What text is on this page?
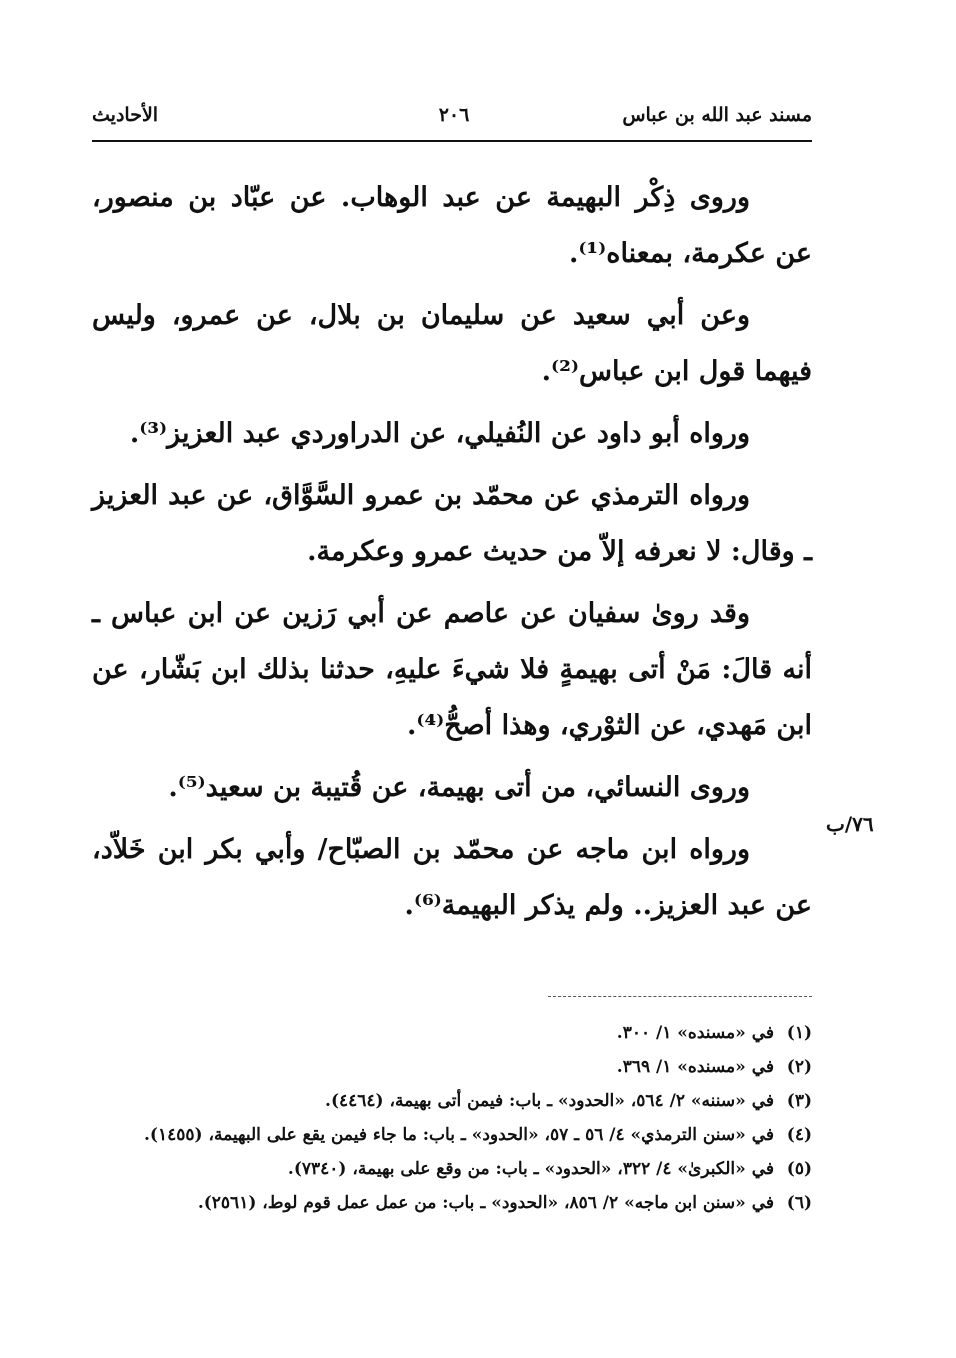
مسند عبد الله بن عباس
٢٠٦
الأحاديث

وروى ذِكْر البهيمة عن عبد الوهاب. عن عبّاد بن منصور، عن عكرمة، بمعناه⁽¹⁾.

وعن أبي سعيد عن سليمان بن بلال، عن عمرو، وليس فيهما قول ابن عباس⁽²⁾.

ورواه أبو داود عن النُفيلي، عن الدراوردي عبد العزيز⁽³⁾.

ورواه الترمذي عن محمّد بن عمرو السَّوَّاق، عن عبد العزيز ـ وقال: لا نعرفه إلاّ من حديث عمرو وعكرمة.

وقد روىٰ سفيان عن عاصم عن أبي رَزين عن ابن عباس ـ أنه قالَ: مَنْ أتى بهيمةٍ فلا شيءَ عليهِ، حدثنا بذلك ابن بَشّار، عن ابن مَهدي، عن الثوْري، وهذا أصحُّ⁽⁴⁾.

وروى النسائي، من أتى بهيمة، عن قُتيبة بن سعيد⁽⁵⁾.

ورواه ابن ماجه عن محمّد بن الصبّاح/ وأبي بكر ابن خَلاّد، عن عبد العزيز.. ولم يذكر البهيمة⁽⁶⁾.

٧٦/ب
(١)
في «مسنده» ١/ ٣٠٠.
(٢)
في «مسنده» ١/ ٣٦٩.
(٣)
في «سننه» ٢/ ٥٦٤، «الحدود» ـ باب: فيمن أتى بهيمة، (٤٤٦٤).
(٤)
في «سنن الترمذي» ٤/ ٥٦ ـ ٥٧، «الحدود» ـ باب: ما جاء فيمن يقع على البهيمة، (١٤٥٥).
(٥)
في «الكبرىٰ» ٤/ ٣٢٢، «الحدود» ـ باب: من وقع على بهيمة، (٧٣٤٠).
(٦)
في «سنن ابن ماجه» ٢/ ٨٥٦، «الحدود» ـ باب: من عمل عمل قوم لوط، (٢٥٦١).
